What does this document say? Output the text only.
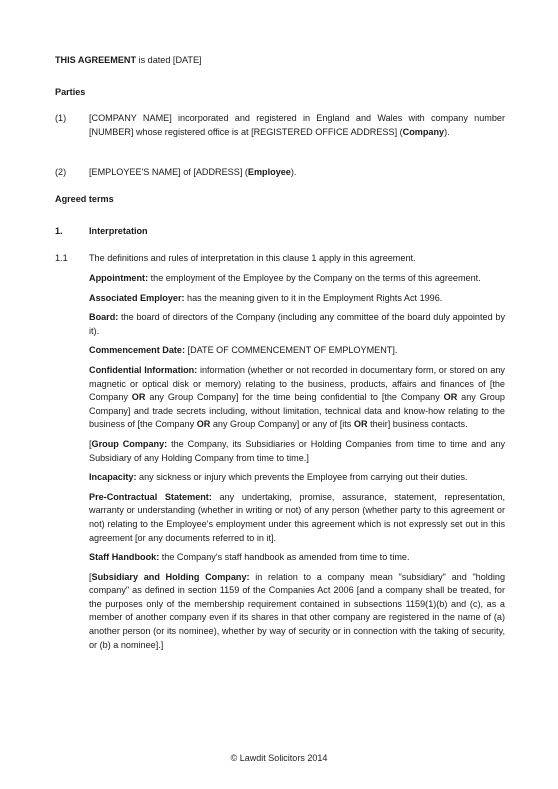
THIS AGREEMENT is dated [DATE]
Parties
(1)	[COMPANY NAME] incorporated and registered in England and Wales with company number [NUMBER] whose registered office is at [REGISTERED OFFICE ADDRESS] (Company).
(2)	[EMPLOYEE'S NAME] of [ADDRESS] (Employee).
Agreed terms
1.	Interpretation
1.1 The definitions and rules of interpretation in this clause 1 apply in this agreement.

Appointment: the employment of the Employee by the Company on the terms of this agreement.

Associated Employer: has the meaning given to it in the Employment Rights Act 1996.

Board: the board of directors of the Company (including any committee of the board duly appointed by it).

Commencement Date: [DATE OF COMMENCEMENT OF EMPLOYMENT].

Confidential Information: information (whether or not recorded in documentary form, or stored on any magnetic or optical disk or memory) relating to the business, products, affairs and finances of [the Company OR any Group Company] for the time being confidential to [the Company OR any Group Company] and trade secrets including, without limitation, technical data and know-how relating to the business of [the Company OR any Group Company] or any of [its OR their] business contacts.

[Group Company: the Company, its Subsidiaries or Holding Companies from time to time and any Subsidiary of any Holding Company from time to time.]

Incapacity: any sickness or injury which prevents the Employee from carrying out their duties.

Pre-Contractual Statement: any undertaking, promise, assurance, statement, representation, warranty or understanding (whether in writing or not) of any person (whether party to this agreement or not) relating to the Employee's employment under this agreement which is not expressly set out in this agreement [or any documents referred to in it].

Staff Handbook: the Company's staff handbook as amended from time to time.

[Subsidiary and Holding Company: in relation to a company mean "subsidiary" and "holding company" as defined in section 1159 of the Companies Act 2006 [and a company shall be treated, for the purposes only of the membership requirement contained in subsections 1159(1)(b) and (c), as a member of another company even if its shares in that other company are registered in the name of (a) another person (or its nominee), whether by way of security or in connection with the taking of security, or (b) a nominee].]

© Lawdit Solicitors 2014
